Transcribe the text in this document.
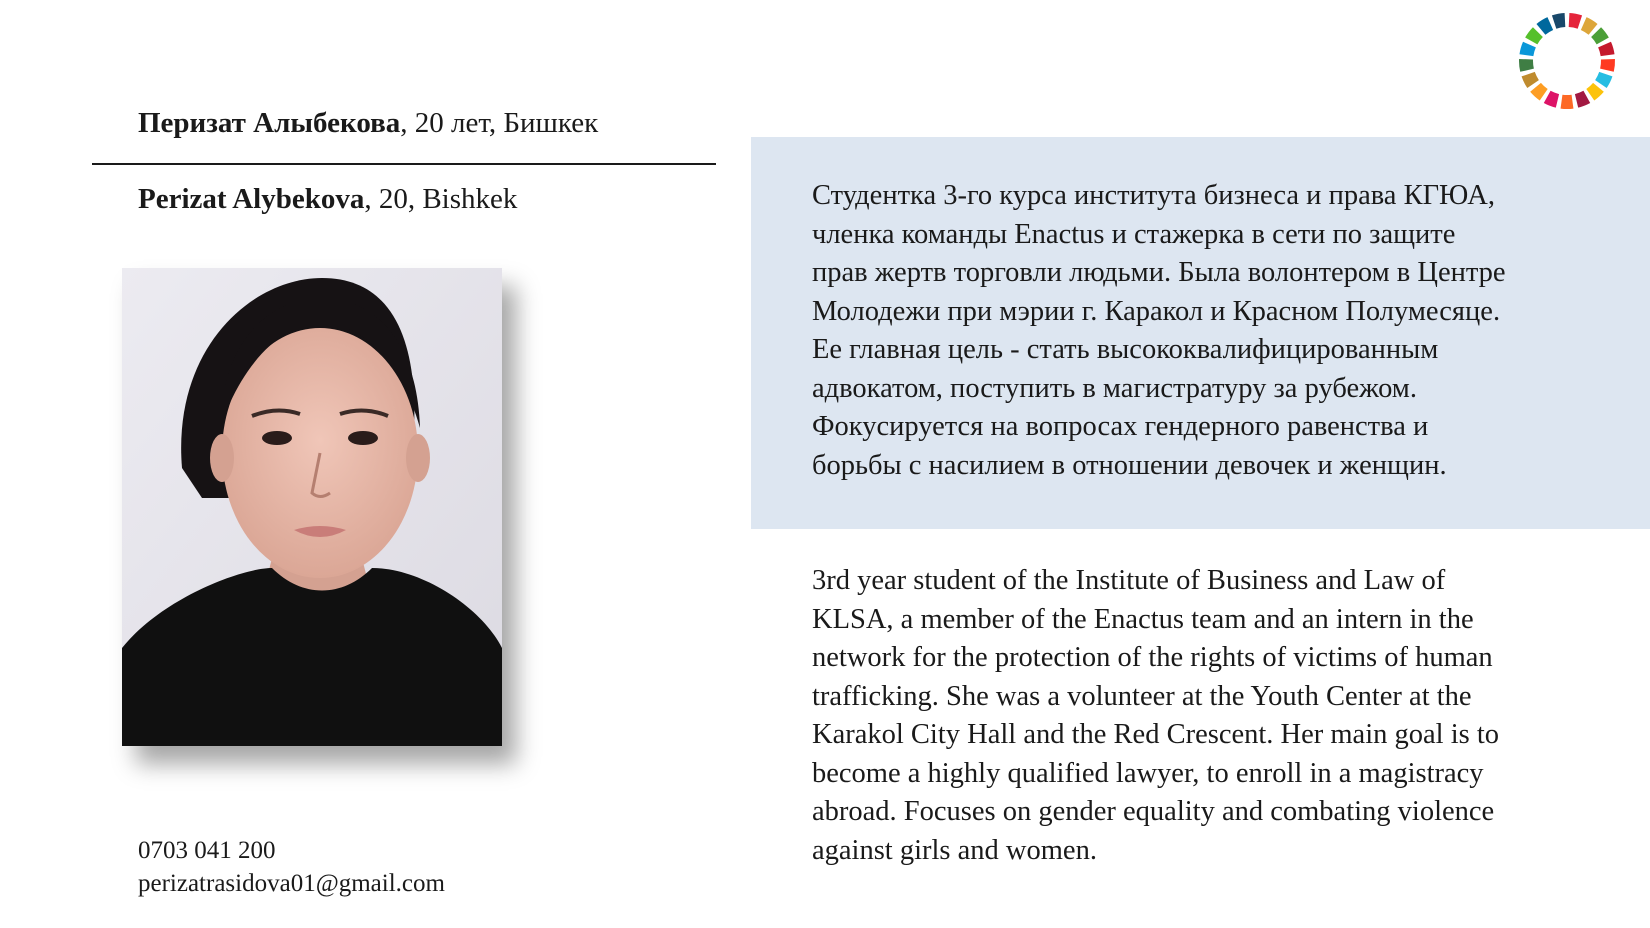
Перизат Алыбекова, 20 лет, Бишкек
Perizat Alybekova, 20, Bishkek
0703 041 200
perizatrasidova01@gmail.com
Студентка 3-го курса института бизнеса и права КГЮА,
членка команды Enactus и стажерка в сети по защите
прав жертв торговли людьми. Была волонтером в Центре
Молодежи при мэрии г. Каракол и Красном Полумесяце.
Ее главная цель - стать высококвалифицированным
адвокатом, поступить в магистратуру за рубежом.
Фокусируется на вопросах гендерного равенства и
борьбы с насилием в отношении девочек и женщин.
3rd year student of the Institute of Business and Law of
KLSA, a member of the Enactus team and an intern in the
network for the protection of the rights of victims of human
trafficking. She was a volunteer at the Youth Center at the
Karakol City Hall and the Red Crescent. Her main goal is to
become a highly qualified lawyer, to enroll in a magistracy
abroad. Focuses on gender equality and combating violence
against girls and women.
